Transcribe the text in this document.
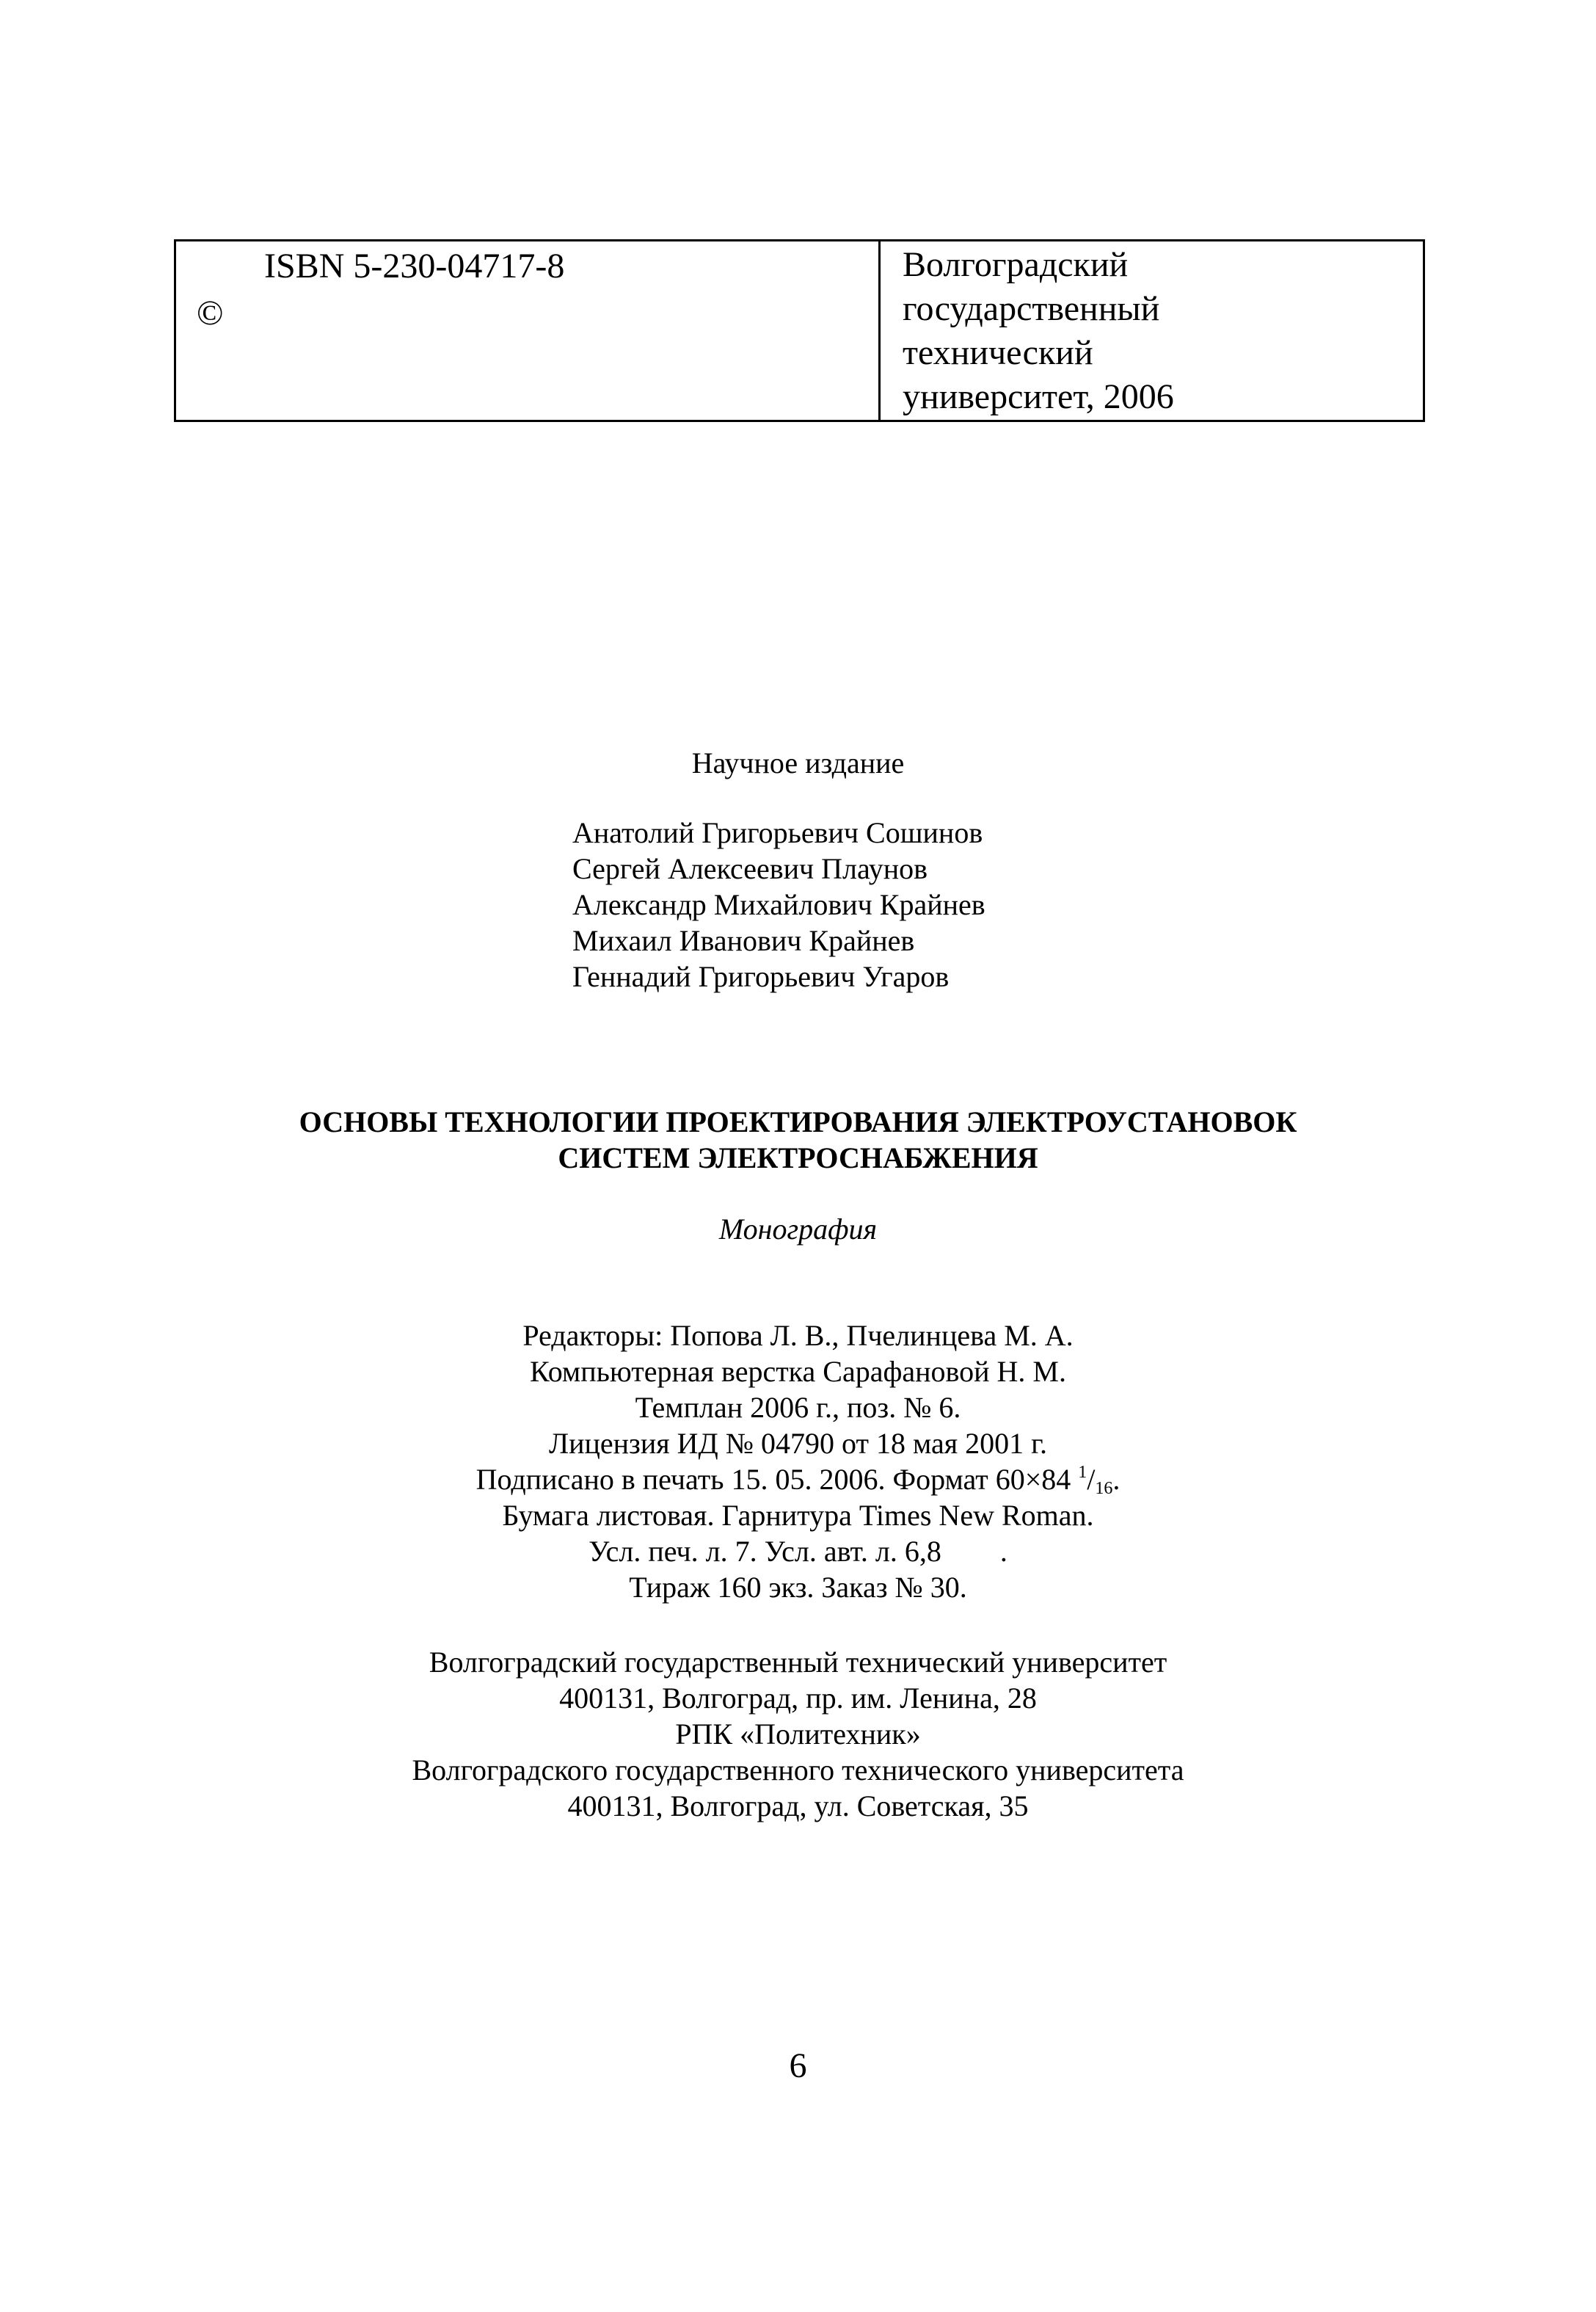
ISBN 5-230-04717-8
©
Волгоградский
государственный
технический
университет, 2006
Научное издание
Анатолий Григорьевич Сошинов
Сергей Алексеевич Плаунов
Александр Михайлович Крайнев
Михаил Иванович Крайнев
Геннадий Григорьевич Угаров
ОСНОВЫ ТЕХНОЛОГИИ ПРОЕКТИРОВАНИЯ ЭЛЕКТРОУСТАНОВОК
СИСТЕМ ЭЛЕКТРОСНАБЖЕНИЯ
Монография
Редакторы: Попова Л. В., Пчелинцева М. А.
Компьютерная верстка Сарафановой Н. М.
Темплан 2006 г., поз. № 6.
Лицензия ИД № 04790 от 18 мая 2001 г.
Подписано в печать 15. 05. 2006. Формат 60×84 $^1/_{16}$.
Бумага листовая. Гарнитура Times New Roman.
Усл. печ. л. 7. Усл. авт. л. 6,8        .
Тираж 160 экз. Заказ № 30.
Волгоградский государственный технический университет
400131, Волгоград, пр. им. Ленина, 28
РПК «Политехник»
Волгоградского государственного технического университета
400131, Волгоград, ул. Советская, 35
6
